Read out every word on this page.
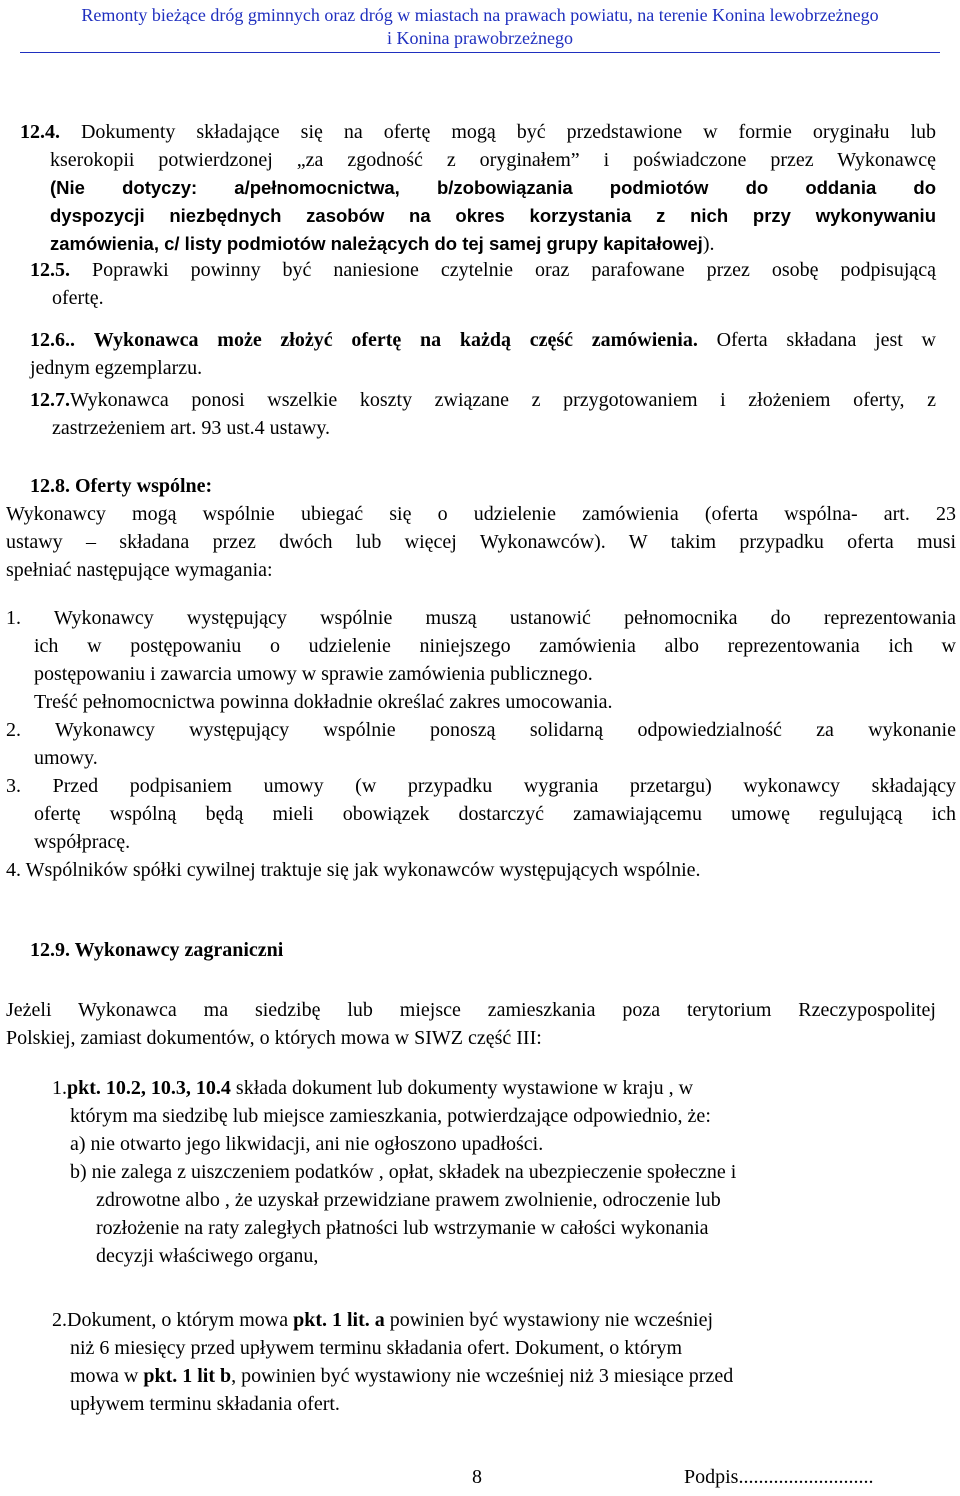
Remonty bieżące dróg gminnych oraz dróg w miastach na prawach powiatu, na terenie Konina lewobrzeżnego
i Konina prawobrzeżnego

12.4. Dokumenty składające się na ofertę mogą być przedstawione w formie oryginału lub

kserokopii potwierdzonej „za zgodność z oryginałem” i poświadczone przez Wykonawcę
(Nie dotyczy: a/pełnomocnictwa, b/zobowiązania podmiotów do oddania do
dyspozycji niezbędnych zasobów na okres korzystania z nich przy wykonywaniu
zamówienia, c/ listy podmiotów należących do tej samej grupy kapitałowej).

12.5. Poprawki powinny być naniesione czytelnie oraz parafowane przez osobę podpisującą

ofertę.

12.6.. Wykonawca może złożyć ofertę na każdą część zamówienia. Oferta składana jest w
jednym egzemplarzu.

12.7.Wykonawca ponosi wszelkie koszty związane z przygotowaniem i złożeniem oferty, z

zastrzeżeniem art. 93 ust.4 ustawy.

12.8. Oferty wspólne:

Wykonawcy mogą wspólnie ubiegać się o udzielenie zamówienia (oferta wspólna- art. 23
ustawy – składana przez dwóch lub więcej Wykonawców). W takim przypadku oferta musi
spełniać następujące wymagania:

1. Wykonawcy występujący wspólnie muszą ustanowić pełnomocnika do reprezentowania
ich w postępowaniu o udzielenie niniejszego zamówienia albo reprezentowania ich w
postępowaniu i zawarcia umowy w sprawie zamówienia publicznego.
Treść pełnomocnictwa powinna dokładnie określać zakres umocowania.

2. Wykonawcy występujący wspólnie ponoszą solidarną odpowiedzialność za wykonanie
umowy.

3. Przed podpisaniem umowy (w przypadku wygrania przetargu) wykonawcy składający
ofertę wspólną będą mieli obowiązek dostarczyć zamawiającemu umowę regulującą ich
współpracę.

4. Wspólników spółki cywilnej traktuje się jak wykonawców występujących wspólnie.

12.9. Wykonawcy zagraniczni

Jeżeli Wykonawca ma siedzibę lub miejsce zamieszkania poza terytorium Rzeczypospolitej
Polskiej, zamiast dokumentów, o których mowa w SIWZ część III:

1.pkt. 10.2, 10.3, 10.4 składa dokument lub dokumenty wystawione w kraju , w
którym ma siedzibę lub miejsce zamieszkania, potwierdzające odpowiednio, że:
a) nie otwarto jego likwidacji, ani nie ogłoszono upadłości.
b) nie zalega z uiszczeniem podatków , opłat, składek na ubezpieczenie społeczne i
zdrowotne albo , że uzyskał przewidziane prawem zwolnienie, odroczenie lub
rozłożenie na raty zaległych płatności lub wstrzymanie w całości wykonania
decyzji właściwego organu,

2.Dokument, o którym mowa pkt. 1 lit. a powinien być wystawiony nie wcześniej
niż 6 miesięcy przed upływem terminu składania ofert. Dokument, o którym
mowa w pkt. 1 lit b, powinien być wystawiony nie wcześniej niż 3 miesiące przed
upływem terminu składania ofert.

8	Podpis...........................
